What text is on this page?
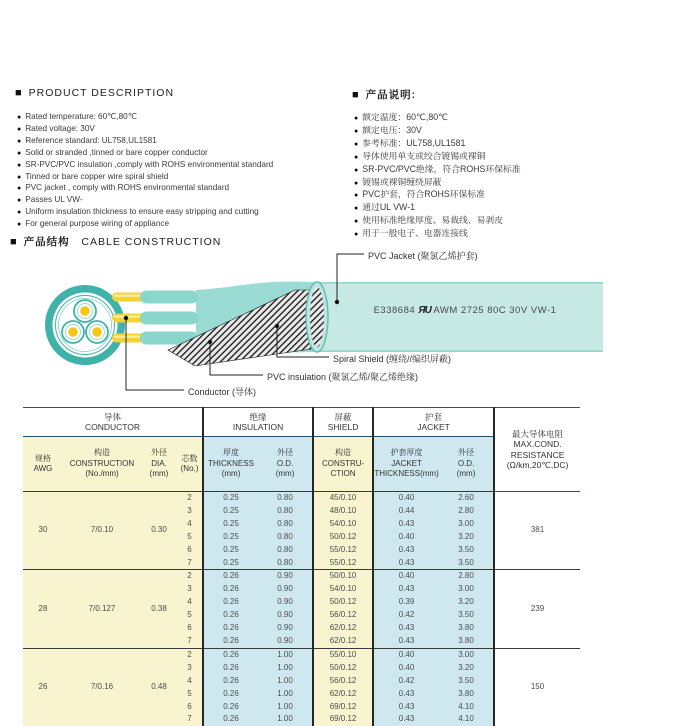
■ PRODUCT DESCRIPTION
● Rated temperature: 60℃,80℃
● Rated voltage: 30V
● Reference standard: UL758,UL1581
● Solid or stranded ,tinned or bare copper conductor
● SR-PVC/PVC insulation ,comply with ROHS environmental standard
● Tinned or bare copper wire spiral shield
● PVC jacket , comply with ROHS environmental standard
● Passes UL VW-
● Uniform insulation thickness to ensure easy stripping and cutting
● For general purpose wiring of appliance
■ 产品说明:
● 额定温度：60℃,80℃
● 额定电压：30V
● 参考标准：UL758,UL1581
● 导体使用单支或绞合镀锡或裸铜
● SR-PVC/PVC绝缘，符合ROHS环保标准
● 镀锡或裸铜缠绕屏蔽
● PVC护套，符合ROHS环保标准
● 通过UL VW-1
● 使用标准绝缘厚度、易裁线、易剥皮
● 用于一般电子、电器连接线
■ 产品结构 CABLE CONSTRUCTION
PVC Jacket (聚氯乙烯护套)
Spiral Shield (缠绕//编织屏蔽)
PVC insulation (聚氯乙烯/聚乙烯绝缘)
Conductor (导体)
E338684 ЯU AWM 2725 80C 30V VW-1
导体
CONDUCTOR

绝缘
INSULATION

屏蔽
SHIELD

护套
JACKET

最大导体电阻
MAX.COND.
RESISTANCE
(Ω/km,20℃,DC)

规格
AWG

构造
CONSTRUCTION
(No./mm)

外径
DIA.
(mm)

芯数
(No.)

厚度
THICKNESS
(mm)

外径
O.D.
(mm)

构造
CONSTRU-
CTION

护套厚度
JACKET
THICKNESS(mm)

外径
O.D.
(mm)

30	7/0.10	0.30	2	0.25	0.80	45/0.10	0.40	2.60	381

			3	0.25	0.80	48/0.10	0.44	2.80	

			4	0.25	0.80	54/0.10	0.43	3.00	

			5	0.25	0.80	50/0.12	0.40	3.20	

			6	0.25	0.80	55/0.12	0.43	3.50	

			7	0.25	0.80	55/0.12	0.43	3.50	

28	7/0.127	0.38	2	0.26	0.90	50/0.10	0.40	2.80	239

			3	0.26	0.90	54/0.10	0.43	3.00	

			4	0.26	0.90	50/0.12	0.39	3.20	

			5	0.26	0.90	56/0.12	0.42	3.50	

			6	0.26	0.90	62/0.12	0.43	3.80	

			7	0.26	0.90	62/0.12	0.43	3.80	

26	7/0.16	0.48	2	0.26	1.00	55/0.10	0.40	3.00	150

			3	0.26	1.00	50/0.12	0.40	3.20	

			4	0.26	1.00	56/0.12	0.42	3.50	

			5	0.26	1.00	62/0.12	0.43	3.80	

			6	0.26	1.00	69/0.12	0.43	4.10	

			7	0.26	1.00	69/0.12	0.43	4.10	
